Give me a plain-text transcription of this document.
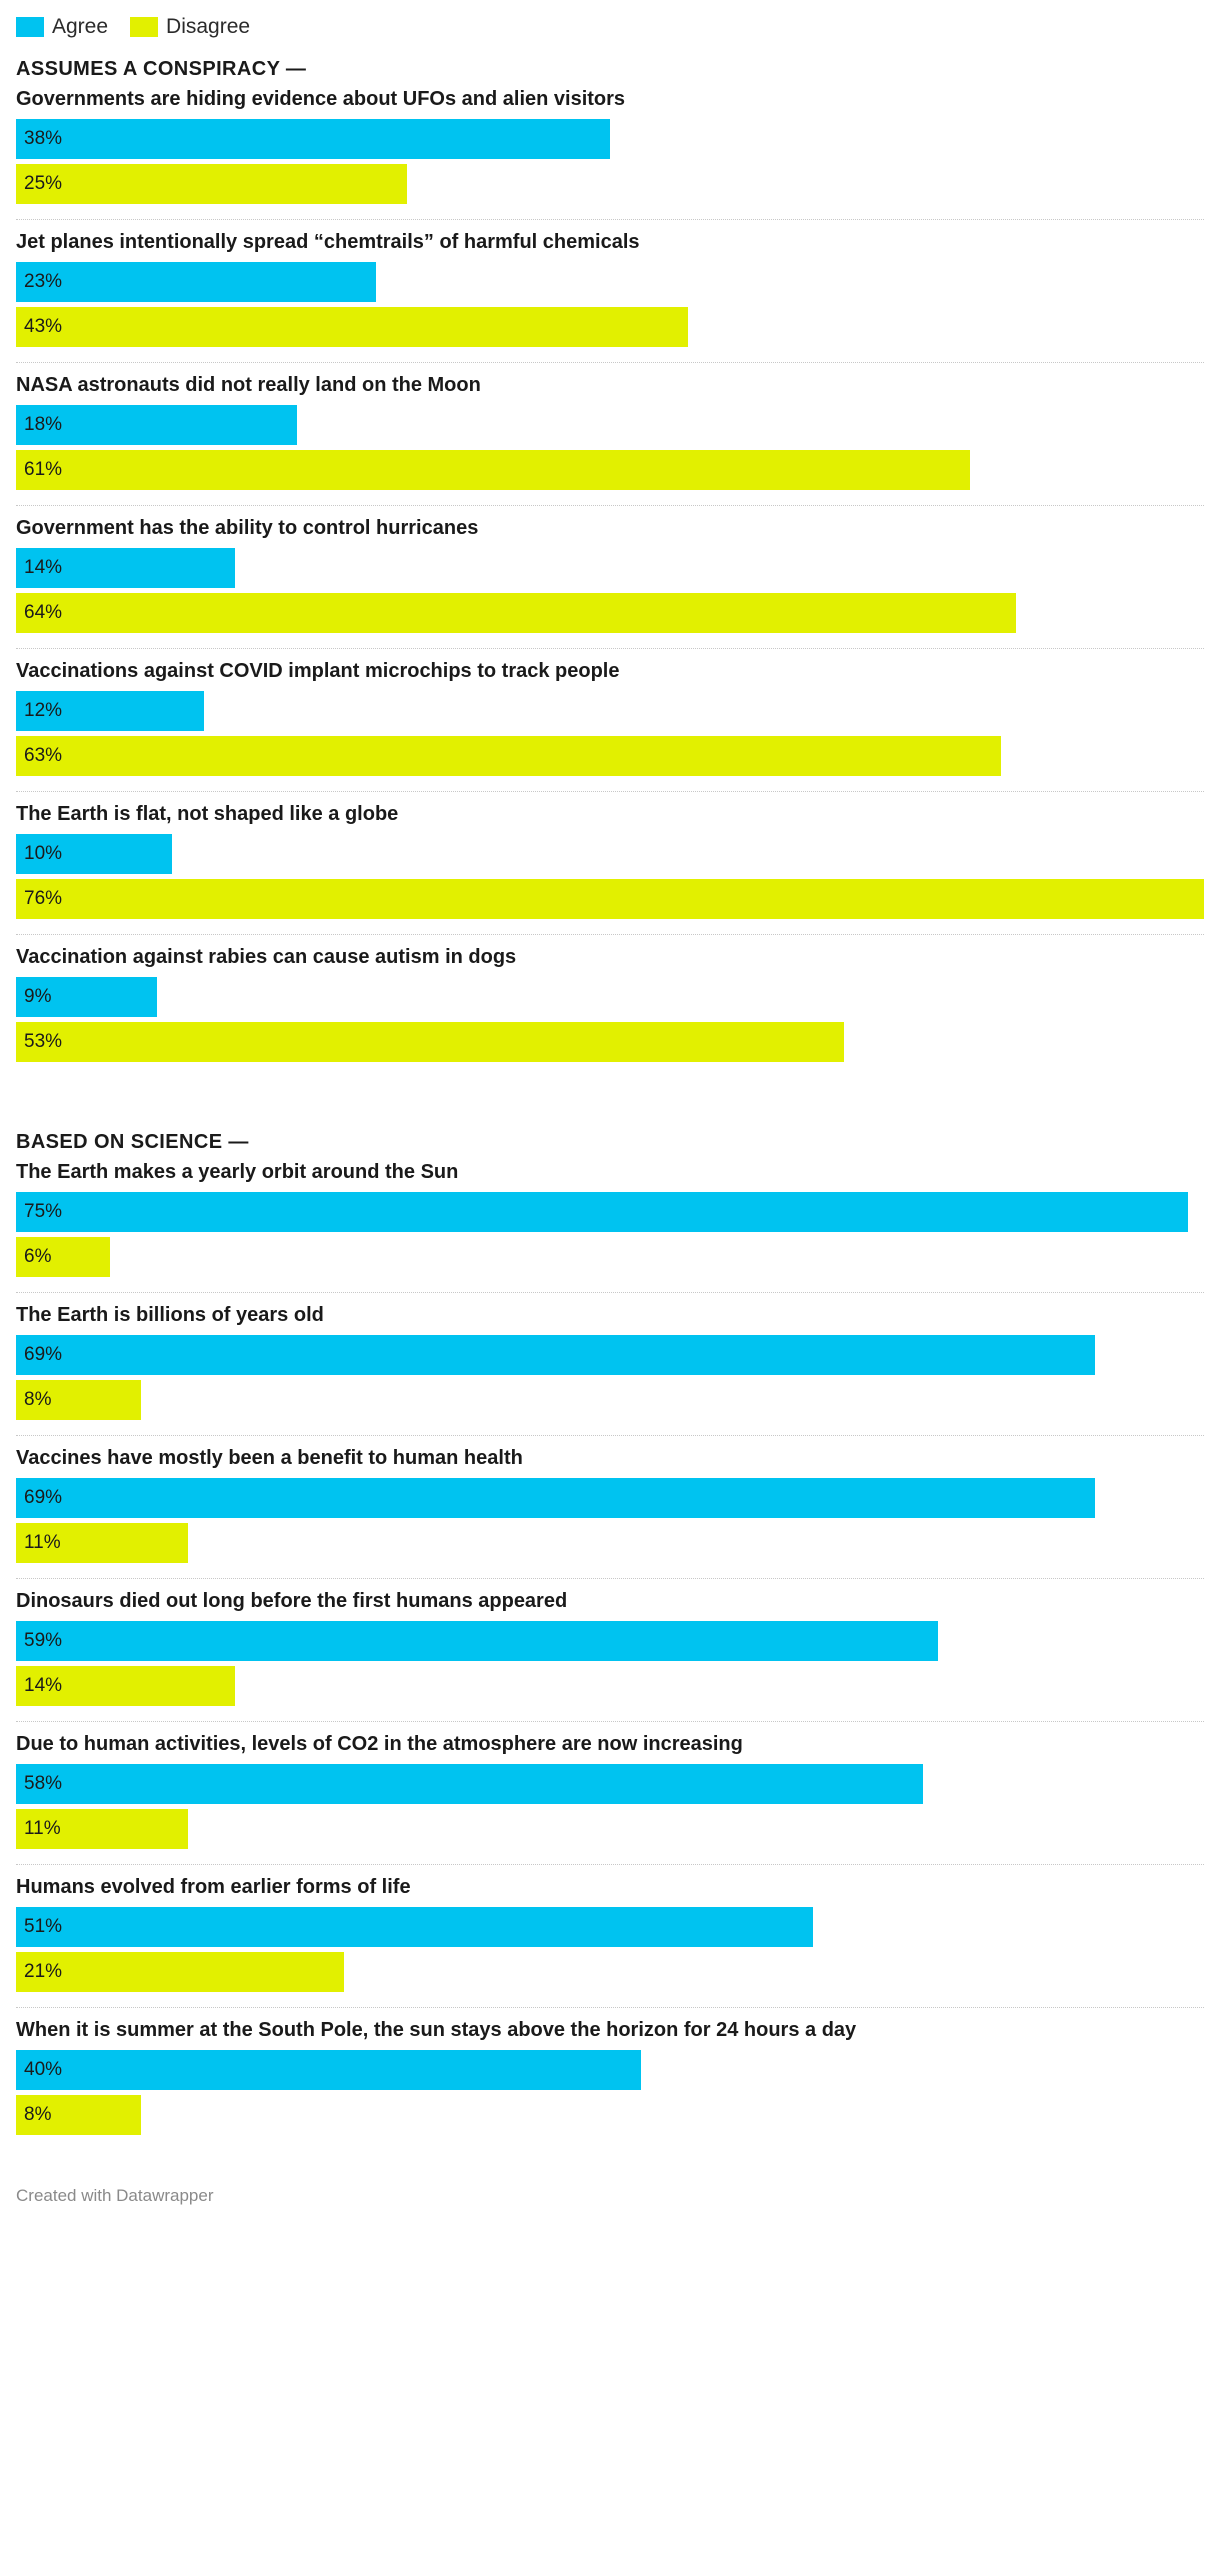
Agree	Disagree
ASSUMES A CONSPIRACY —
Governments are hiding evidence about UFOs and alien visitors
38%
25%
Jet planes intentionally spread “chemtrails” of harmful chemicals
23%
43%
NASA astronauts did not really land on the Moon
18%
61%
Government has the ability to control hurricanes
14%
64%
Vaccinations against COVID implant microchips to track people
12%
63%
The Earth is flat, not shaped like a globe
10%
76%
Vaccination against rabies can cause autism in dogs
9%
53%
BASED ON SCIENCE —
The Earth makes a yearly orbit around the Sun
75%
6%
The Earth is billions of years old
69%
8%
Vaccines have mostly been a benefit to human health
69%
11%
Dinosaurs died out long before the first humans appeared
59%
14%
Due to human activities, levels of CO2 in the atmosphere are now increasing
58%
11%
Humans evolved from earlier forms of life
51%
21%
When it is summer at the South Pole, the sun stays above the horizon for 24 hours a day
40%
8%
Created with Datawrapper
